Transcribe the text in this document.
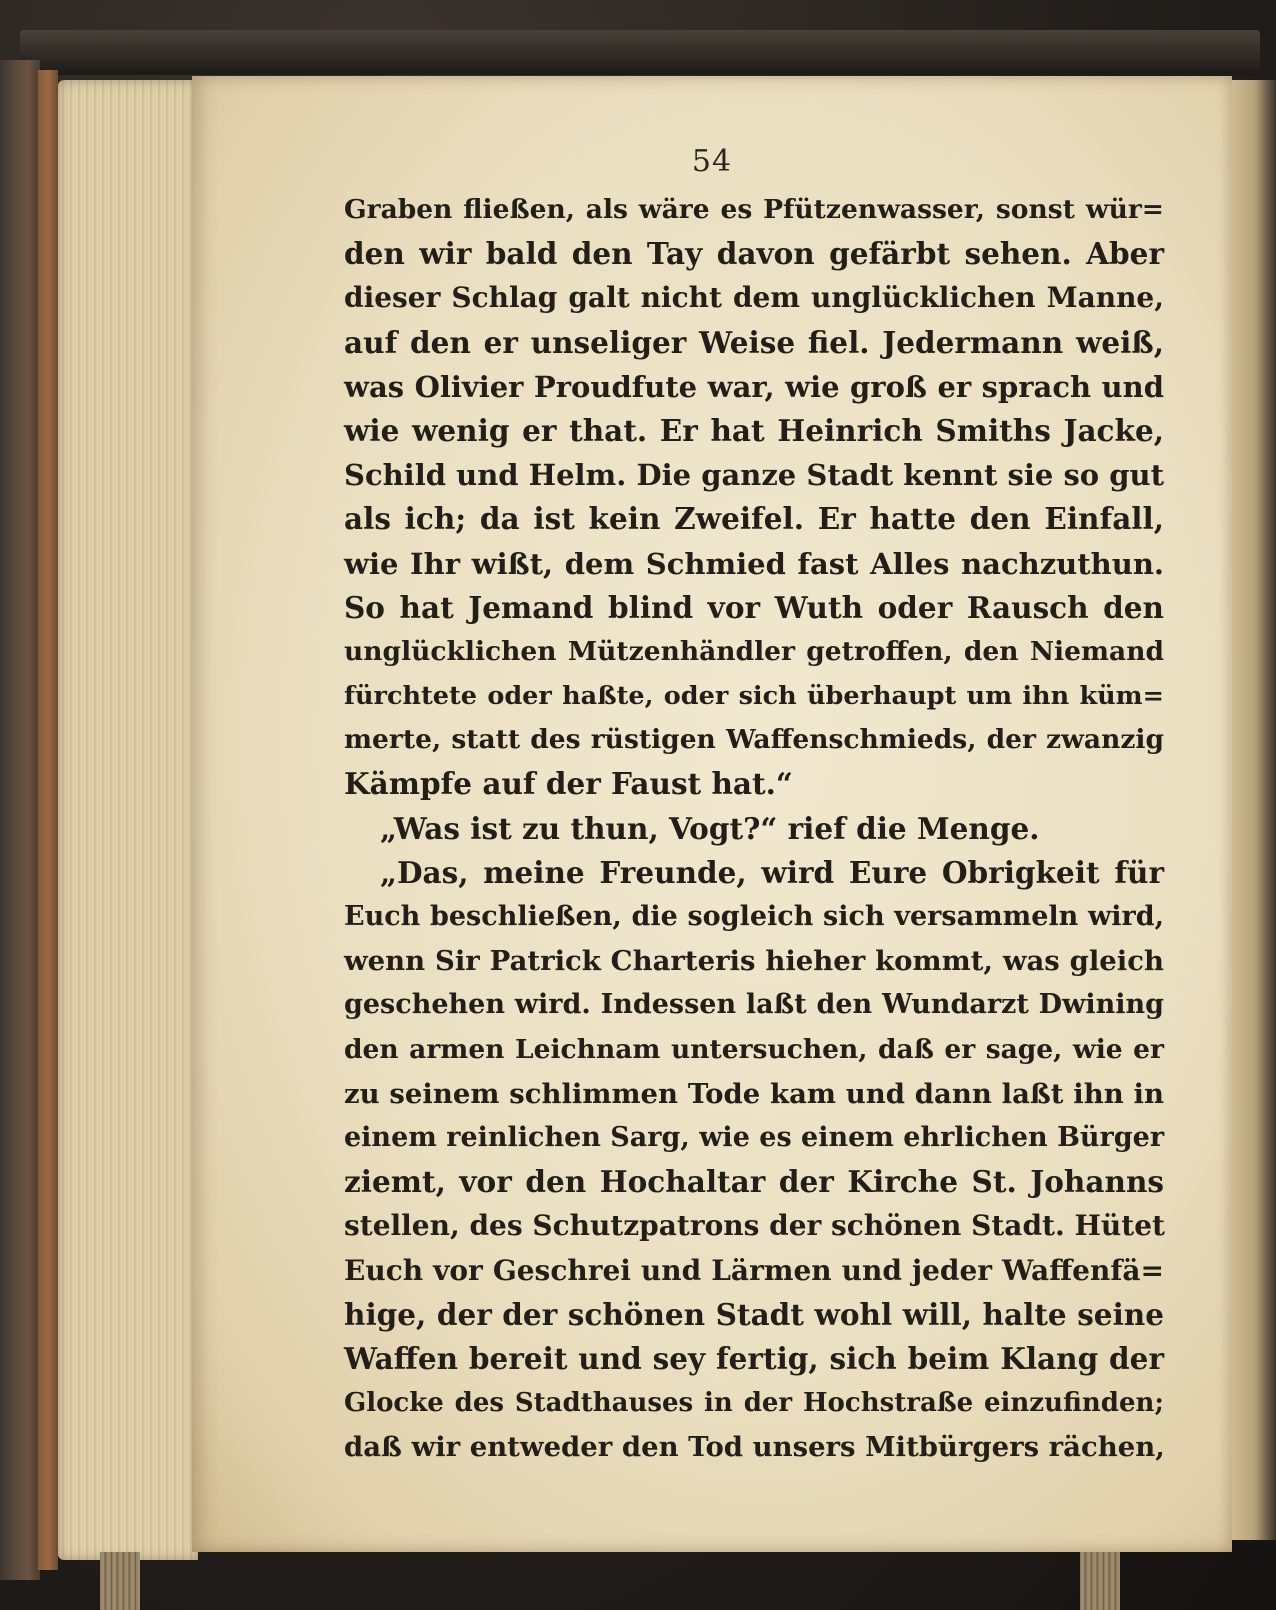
54
Graben fließen, als wäre es Pfützenwasser, sonst wür=
den wir bald den Tay davon gefärbt sehen. Aber
dieser Schlag galt nicht dem unglücklichen Manne,
auf den er unseliger Weise fiel. Jedermann weiß,
was Olivier Proudfute war, wie groß er sprach und
wie wenig er that. Er hat Heinrich Smiths Jacke,
Schild und Helm. Die ganze Stadt kennt sie so gut
als ich; da ist kein Zweifel. Er hatte den Einfall,
wie Ihr wißt, dem Schmied fast Alles nachzuthun.
So hat Jemand blind vor Wuth oder Rausch den
unglücklichen Mützenhändler getroffen, den Niemand
fürchtete oder haßte, oder sich überhaupt um ihn küm=
merte, statt des rüstigen Waffenschmieds, der zwanzig
Kämpfe auf der Faust hat.“
„Was ist zu thun, Vogt?“ rief die Menge.
„Das, meine Freunde, wird Eure Obrigkeit für
Euch beschließen, die sogleich sich versammeln wird,
wenn Sir Patrick Charteris hieher kommt, was gleich
geschehen wird. Indessen laßt den Wundarzt Dwining
den armen Leichnam untersuchen, daß er sage, wie er
zu seinem schlimmen Tode kam und dann laßt ihn in
einem reinlichen Sarg, wie es einem ehrlichen Bürger
ziemt, vor den Hochaltar der Kirche St. Johanns
stellen, des Schutzpatrons der schönen Stadt. Hütet
Euch vor Geschrei und Lärmen und jeder Waffenfä=
hige, der der schönen Stadt wohl will, halte seine
Waffen bereit und sey fertig, sich beim Klang der
Glocke des Stadthauses in der Hochstraße einzufinden;
daß wir entweder den Tod unsers Mitbürgers rächen,
